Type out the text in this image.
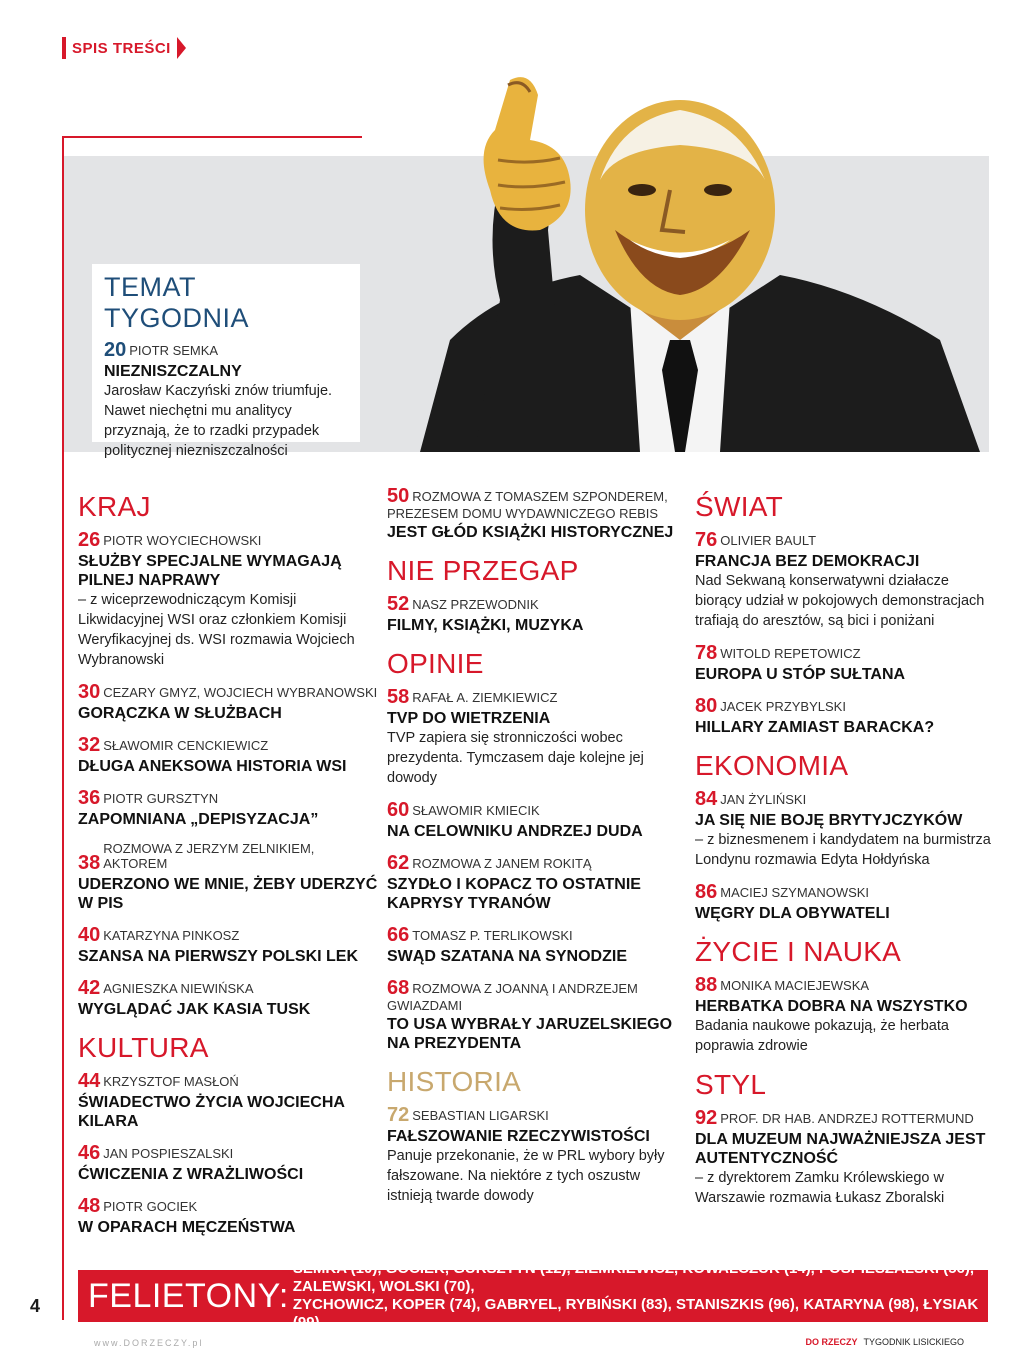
SPIS TREŚCI
TEMAT TYGODNIA
20 PIOTR SEMKA
NIEZNISZCZALNY
Jarosław Kaczyński znów triumfuje. Nawet niechętni mu analitycy przyznają, że to rzadki przypadek politycznej niezniszczalności
KRAJ
26 PIOTR WOYCIECHOWSKI
SŁUŻBY SPECJALNE WYMAGAJĄ PILNEJ NAPRAWY
– z wiceprzewodniczącym Komisji Likwidacyjnej WSI oraz członkiem Komisji Weryfikacyjnej ds. WSI rozmawia Wojciech Wybranowski
30 CEZARY GMYZ, WOJCIECH WYBRANOWSKI
GORĄCZKA W SŁUŻBACH
32 SŁAWOMIR CENCKIEWICZ
DŁUGA ANEKSOWA HISTORIA WSI
36 PIOTR GURSZTYN
ZAPOMNIANA „DEPISYZACJA”
38
ROZMOWA Z JERZYM ZELNIKIEM, AKTOREM
UDERZONO WE MNIE, ŻEBY UDERZYĆ W PIS
40 KATARZYNA PINKOSZ
SZANSA NA PIERWSZY POLSKI LEK
42 AGNIESZKA NIEWIŃSKA
WYGLĄDAĆ JAK KASIA TUSK
KULTURA
44 KRZYSZTOF MASŁOŃ
ŚWIADECTWO ŻYCIA WOJCIECHA KILARA
46 JAN POSPIESZALSKI
ĆWICZENIA Z WRAŻLIWOŚCI
48 PIOTR GOCIEK
W OPARACH MĘCZEŃSTWA
50 ROZMOWA Z TOMASZEM SZPONDEREM,
PREZESEM DOMU WYDAWNICZEGO REBIS
JEST GŁÓD KSIĄŻKI HISTORYCZNEJ
NIE PRZEGAP
52 NASZ PRZEWODNIK
FILMY, KSIĄŻKI, MUZYKA
OPINIE
58 RAFAŁ A. ZIEMKIEWICZ
TVP DO WIETRZENIA
TVP zapiera się stronniczości wobec prezydenta. Tymczasem daje kolejne jej dowody
60 SŁAWOMIR KMIECIK
NA CELOWNIKU ANDRZEJ DUDA
62 ROZMOWA Z JANEM ROKITĄ
SZYDŁO I KOPACZ TO OSTATNIE KAPRYSY TYRANÓW
66 TOMASZ P. TERLIKOWSKI
SWĄD SZATANA NA SYNODZIE
68 ROZMOWA Z JOANNĄ I ANDRZEJEM
GWIAZDAMI
TO USA WYBRAŁY JARUZELSKIEGO NA PREZYDENTA
HISTORIA
72 SEBASTIAN LIGARSKI
FAŁSZOWANIE RZECZYWISTOŚCI
Panuje przekonanie, że w PRL wybory były fałszowane. Na niektóre z tych oszustw istnieją twarde dowody
ŚWIAT
76 OLIVIER BAULT
FRANCJA BEZ DEMOKRACJI
Nad Sekwaną konserwatywni działacze biorący udział w pokojowych demonstracjach trafiają do aresztów, są bici i poniżani
78 WITOLD REPETOWICZ
EUROPA U STÓP SUŁTANA
80 JACEK PRZYBYLSKI
HILLARY ZAMIAST BARACKA?
EKONOMIA
84 JAN ŻYLIŃSKI
JA SIĘ NIE BOJĘ BRYTYJCZYKÓW
– z biznesmenem i kandydatem na burmistrza Londynu rozmawia Edyta Hołdyńska
86 MACIEJ SZYMANOWSKI
WĘGRY DLA OBYWATELI
ŻYCIE I NAUKA
88 MONIKA MACIEJEWSKA
HERBATKA DOBRA NA WSZYSTKO
Badania naukowe pokazują, że herbata poprawia zdrowie
STYL
92 PROF. DR HAB. ANDRZEJ ROTTERMUND
DLA MUZEUM NAJWAŻNIEJSZA JEST AUTENTYCZNOŚĆ
– z dyrektorem Zamku Królewskiego w Warszawie rozmawia Łukasz Zboralski
FELIETONY:
SEMKA (10), GOCIEK, GURSZTYN (12), ZIEMKIEWICZ, KOWALCZUK (14), POSPIESZALSKI (56), ZALEWSKI, WOLSKI (70),
ZYCHOWICZ, KOPER (74), GABRYEL, RYBIŃSKI (83), STANISZKIS (96), KATARYNA (98), ŁYSIAK (99)
4
www.DORZECZY.pl	DO RZECZY TYGODNIK LISICKIEGO
